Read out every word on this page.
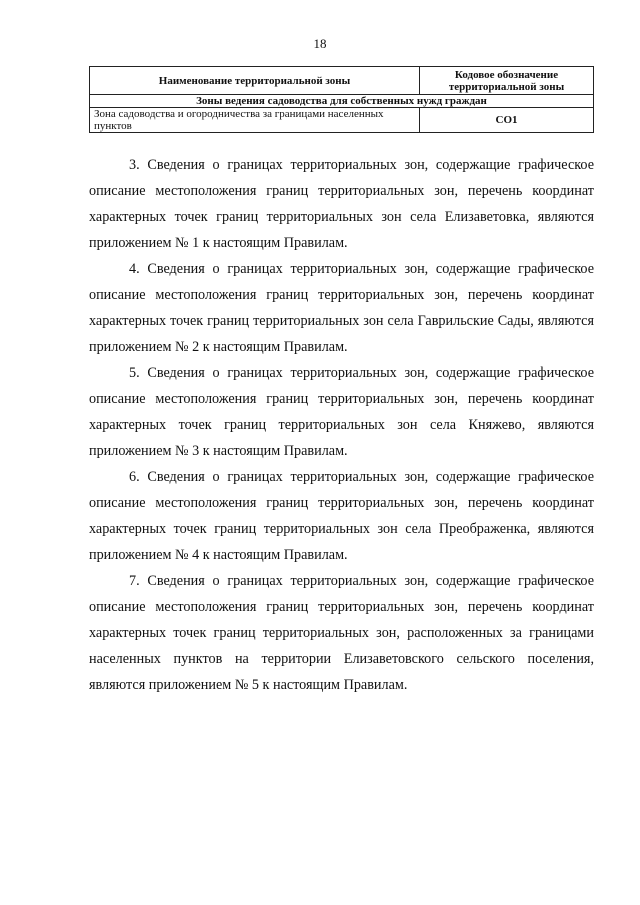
18
Наименование территориальной зоны	Кодовое обозначение территориальной зоны
Зоны ведения садоводства для собственных нужд граждан	
Зона садоводства и огородничества за границами населенных пунктов	СО1

3. Сведения о границах территориальных зон, содержащие графическое описание местоположения границ территориальных зон, перечень координат характерных точек границ территориальных зон села Елизаветовка, являются приложением № 1 к настоящим Правилам.

4. Сведения о границах территориальных зон, содержащие графическое описание местоположения границ территориальных зон, перечень координат характерных точек границ территориальных зон села Гаврильские Сады, являются приложением № 2 к настоящим Правилам.

5. Сведения о границах территориальных зон, содержащие графическое описание местоположения границ территориальных зон, перечень координат характерных точек границ территориальных зон села Княжево, являются приложением № 3 к настоящим Правилам.

6. Сведения о границах территориальных зон, содержащие графическое описание местоположения границ территориальных зон, перечень координат характерных точек границ территориальных зон села Преображенка, являются приложением № 4 к настоящим Правилам.

7. Сведения о границах территориальных зон, содержащие графическое описание местоположения границ территориальных зон, перечень координат характерных точек границ территориальных зон, расположенных за границами населенных пунктов на территории Елизаветовского сельского поселения, являются приложением № 5 к настоящим Правилам.
